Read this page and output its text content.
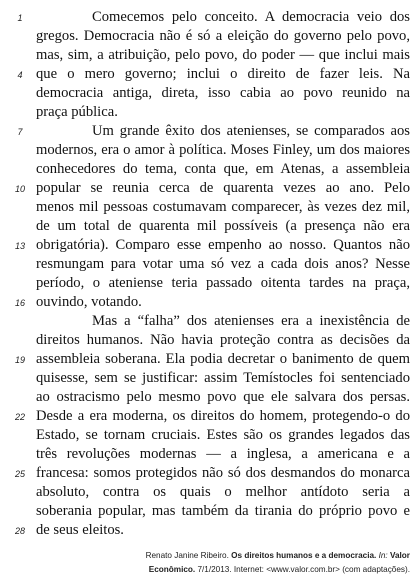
Comecemos pelo conceito. A democracia veio dos
gregos. Democracia não é só a eleição do governo pelo povo,
mas, sim, a atribuição, pelo povo, do poder — que inclui mais
que o mero governo; inclui o direito de fazer leis. Na
democracia antiga, direta, isso cabia ao povo reunido na
praça pública.
Um grande êxito dos atenienses, se comparados aos
modernos, era o amor à política. Moses Finley, um dos maiores
conhecedores do tema, conta que, em Atenas, a assembleia
popular se reunia cerca de quarenta vezes ao ano. Pelo
menos mil pessoas costumavam comparecer, às vezes dez mil,
de um total de quarenta mil possíveis (a presença não era
obrigatória). Comparo esse empenho ao nosso. Quantos não
resmungam para votar uma só vez a cada dois anos? Nesse
período, o ateniense teria passado oitenta tardes na praça,
ouvindo, votando.
Mas a “falha” dos atenienses era a inexistência de
direitos humanos. Não havia proteção contra as decisões da
assembleia soberana. Ela podia decretar o banimento de quem
quisesse, sem se justificar: assim Temístocles foi sentenciado
ao ostracismo pelo mesmo povo que ele salvara dos persas.
Desde a era moderna, os direitos do homem, protegendo-o do
Estado, se tornam cruciais. Estes são os grandes legados das
três revoluções modernas — a inglesa, a americana e a
francesa: somos protegidos não só dos desmandos do monarca
absoluto, contra os quais o melhor antídoto seria a
soberania popular, mas também da tirania do próprio povo e
de seus eleitos.
1
4
7
10
13
16
19
22
25
28
Renato Janine Ribeiro. Os direitos humanos e a democracia. In: Valor Econômico. 7/1/2013. Internet: <www.valor.com.br> (com adaptações).
